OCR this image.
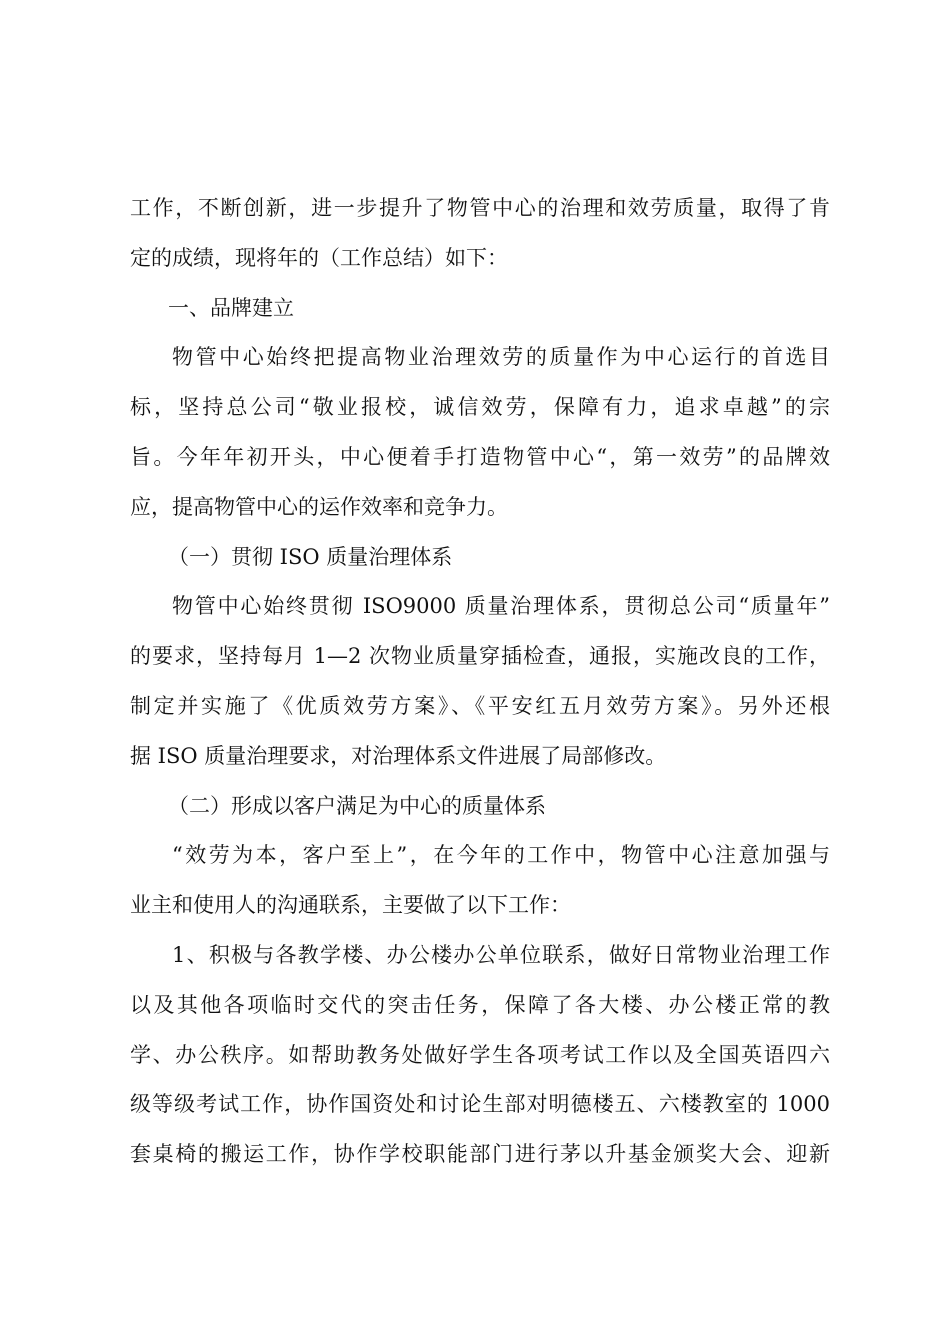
工作，不断创新，进一步提升了物管中心的治理和效劳质量，取得了肯
定的成绩，现将年的（工作总结）如下：
一、品牌建立
物管中心始终把提高物业治理效劳的质量作为中心运行的首选目
标，坚持总公司“敬业报校，诚信效劳，保障有力，追求卓越”的宗
旨。今年年初开头，中心便着手打造物管中心“，第一效劳”的品牌效
应，提高物管中心的运作效率和竞争力。
（一）贯彻 ISO 质量治理体系
物管中心始终贯彻 ISO9000 质量治理体系，贯彻总公司“质量年”
的要求，坚持每月 1—2 次物业质量穿插检查，通报，实施改良的工作，
制定并实施了《优质效劳方案》、《平安红五月效劳方案》。另外还根
据 ISO 质量治理要求，对治理体系文件进展了局部修改。
（二）形成以客户满足为中心的质量体系
“效劳为本，客户至上”，在今年的工作中，物管中心注意加强与
业主和使用人的沟通联系，主要做了以下工作：
1、积极与各教学楼、办公楼办公单位联系，做好日常物业治理工作
以及其他各项临时交代的突击任务，保障了各大楼、办公楼正常的教
学、办公秩序。如帮助教务处做好学生各项考试工作以及全国英语四六
级等级考试工作，协作国资处和讨论生部对明德楼五、六楼教室的 1000
套桌椅的搬运工作，协作学校职能部门进行茅以升基金颁奖大会、迎新
